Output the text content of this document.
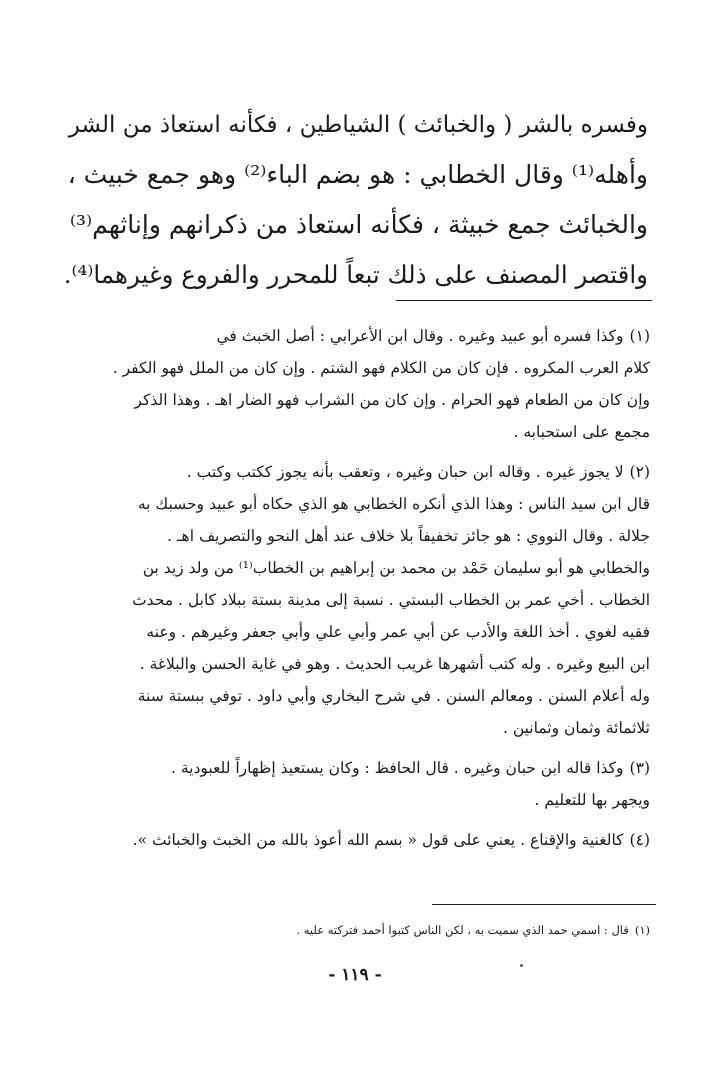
وفسره بالشر ( والخبائث ) الشياطين ، فكأنه استعاذ من الشر
وأهله⁽¹⁾ وقال الخطابي : هو بضم الباء⁽²⁾ وهو جمع خبيث ،
والخبائث جمع خبيثة ، فكأنه استعاذ من ذكرانهم وإناثهم⁽³⁾
واقتصر المصنف على ذلك تبعاً للمحرر والفروع وغيرهما⁽⁴⁾.
(١)وكذا فسره أبو عبيد وغيره . وقال ابن الأعرابي : أصل الخبث في
كلام العرب المكروه . فإن كان من الكلام فهو الشتم . وإن كان من الملل فهو الكفر .
وإن كان من الطعام فهو الحرام . وإن كان من الشراب فهو الضار اهـ . وهذا الذكر
مجمع على استحبابه .
(٢)لا يجوز غيره . وقاله ابن حبان وغيره ، وتعقب بأنه يجوز ككتب وكتب .
قال ابن سيد الناس : وهذا الذي أنكره الخطابي هو الذي حكاه أبو عبيد وحسبك به
جلالة . وقال النووي : هو جائز تخفيفاً بلا خلاف عند أهل النحو والتصريف اهـ .
والخطابي هو أبو سليمان حَمْد بن محمد بن إبراهيم بن الخطاب⁽¹⁾ من ولد زيد بن
الخطاب . أخي عمر بن الخطاب البستي . نسبة إلى مدينة بستة ببلاد كابل . محدث
فقيه لغوي . أخذ اللغة والأدب عن أبي عمر وأبي علي وأبي جعفر وغيرهم . وعنه
ابن البيع وغيره . وله كتب أشهرها غريب الحديث . وهو في غاية الحسن والبلاغة .
وله أعلام السنن . ومعالم السنن . في شرح البخاري وأبي داود . توفي ببستة سنة
ثلاثمائة وثمان وثمانين .
(٣)وكذا قاله ابن حبان وغيره . قال الحافظ : وكان يستعيذ إظهاراً للعبودية .
ويجهر بها للتعليم .
(٤)كالغنية والإقناع . يعني على قول « بسم الله أعوذ بالله من الخبث والخبائث ».
(١)قال : اسمي حمد الذي سميت به ، لكن الناس كتبوا أحمد فتركته عليه .
- ١١٩ -
